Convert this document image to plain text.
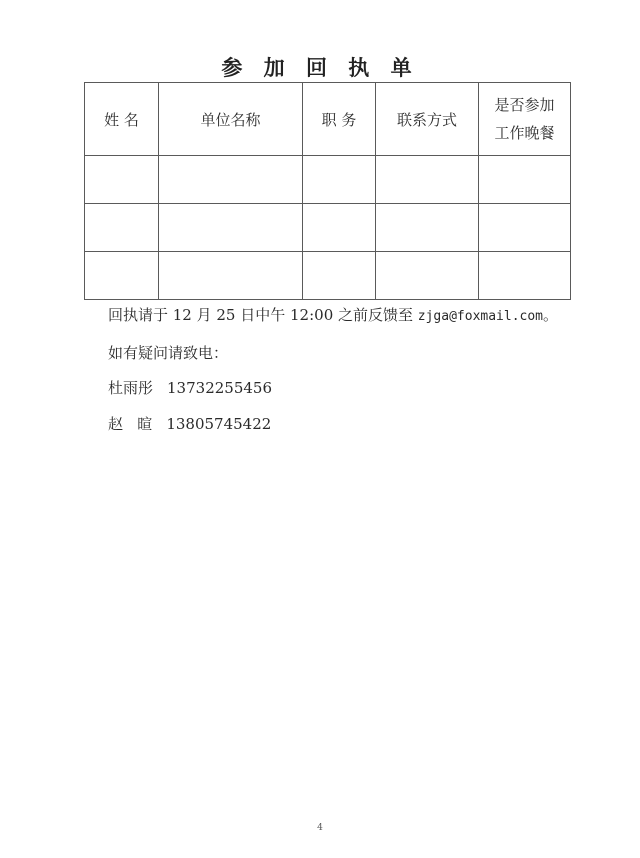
参 加 回 执 单
姓 名	单位名称	职 务	联系方式	是否参加
工作晚餐

回执请于 12 月 25 日中午 12:00 之前反馈至 zjga@foxmail.com。
如有疑问请致电：
杜雨彤 13732255456
赵   暄 13805745422
4
